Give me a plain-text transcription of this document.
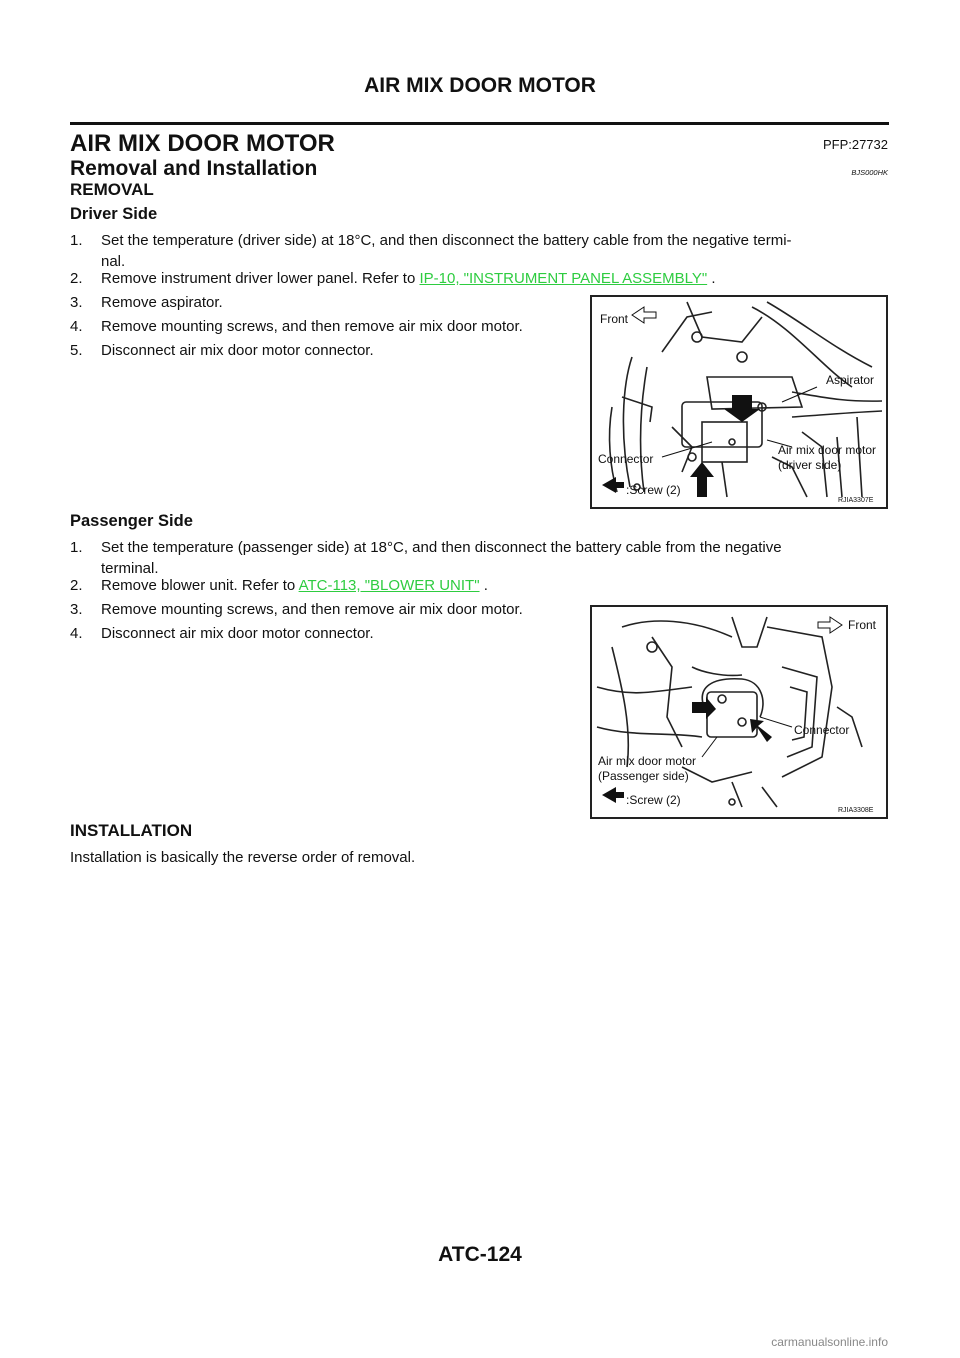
AIR MIX DOOR MOTOR
AIR MIX DOOR MOTOR	PFP:27732
Removal and Installation	BJS000HK
REMOVAL
Driver Side
1. Set the temperature (driver side) at 18°C, and then disconnect the battery cable from the negative termi-
nal.
2. Remove instrument driver lower panel. Refer to IP-10, "INSTRUMENT PANEL ASSEMBLY" .
3. Remove aspirator.
4. Remove mounting screws, and then remove air mix door motor.
5. Disconnect air mix door motor connector.
Front
Aspirator
Air mix door motor
(driver side)
Connector
:Screw (2)
RJIA3307E
Passenger Side
1. Set the temperature (passenger side) at 18°C, and then disconnect the battery cable from the negative
terminal.
2. Remove blower unit. Refer to ATC-113, "BLOWER UNIT" .
3. Remove mounting screws, and then remove air mix door motor.
4. Disconnect air mix door motor connector.	Front
Connector
Air mix door motor
(Passenger side)
:Screw (2)
RJIA3308E
INSTALLATION
Installation is basically the reverse order of removal.
ATC-124
carmanualsonline.info
